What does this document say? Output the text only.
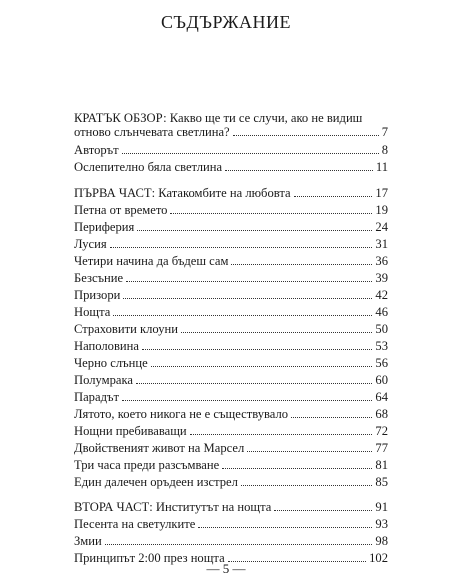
СЪДЪРЖАНИЕ
КРАТЪК ОБЗОР: Какво ще ти се случи, ако не видиш
отново слънчевата светлина?	7
Авторът	8
Ослепително бяла светлина	11
ПЪРВА ЧАСТ: Катакомбите на любовта	17
Петна от времето	19
Периферия	24
Лусия	31
Четири начина да бъдеш сам	36
Безсъние	39
Призори	42
Нощта	46
Страховити клоуни	50
Наполовина	53
Черно слънце	56
Полумрака	60
Парадът	64
Лятото, което никога не е съществувало	68
Нощни пребиваващи	72
Двойственият живот на Марсел	77
Три часа преди разсъмване	81
Един далечен оръдеен изстрел	85
ВТОРА ЧАСТ: Институтът на нощта	91
Песента на светулките	93
Змии	98
Принципът 2:00 през нощта	102
— 5 —
